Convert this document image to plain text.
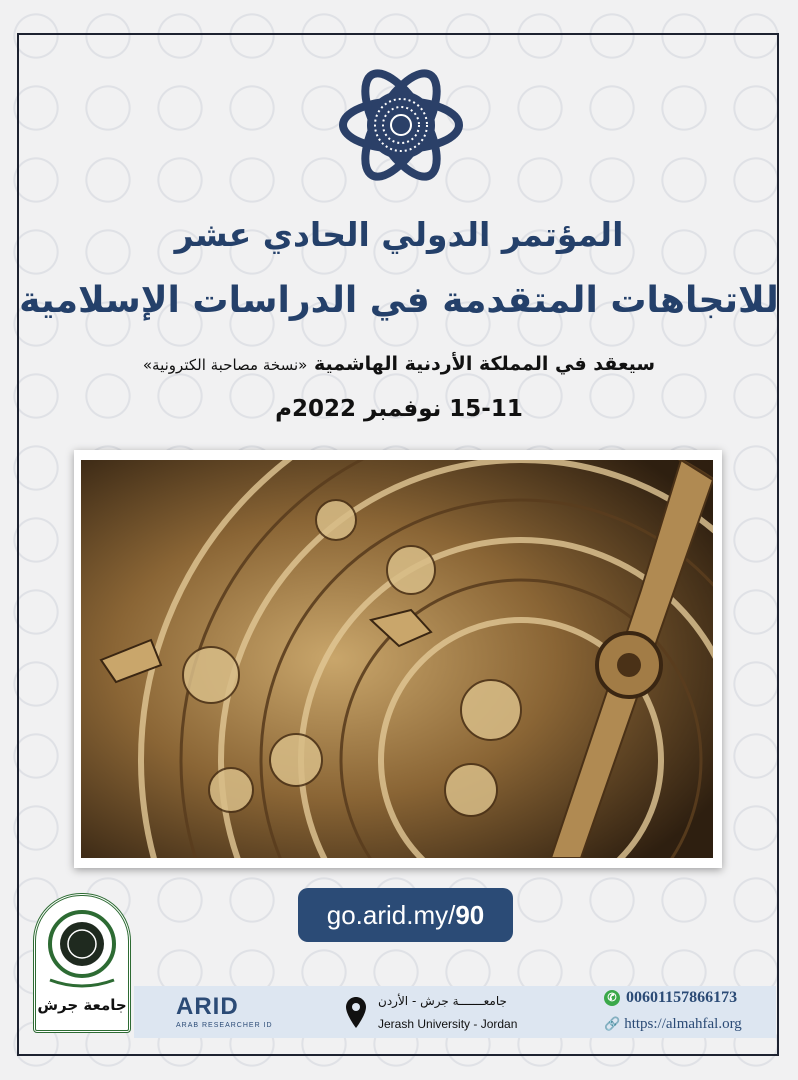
المؤتمر الدولي الحادي عشر
للاتجاهات المتقدمة في الدراسات الإسلامية
سيعقد في المملكة الأردنية الهاشمية «نسخة مصاحبة الكترونية»
15-11 نوفمبر 2022م
go.arid.my/90
جامعة جرش ARID
ARAB RESEARCHER ID
جامعـــــــة جرش - الأردن
Jerash University - Jordan
✆ 00601157866173
🔗 https://almahfal.org
